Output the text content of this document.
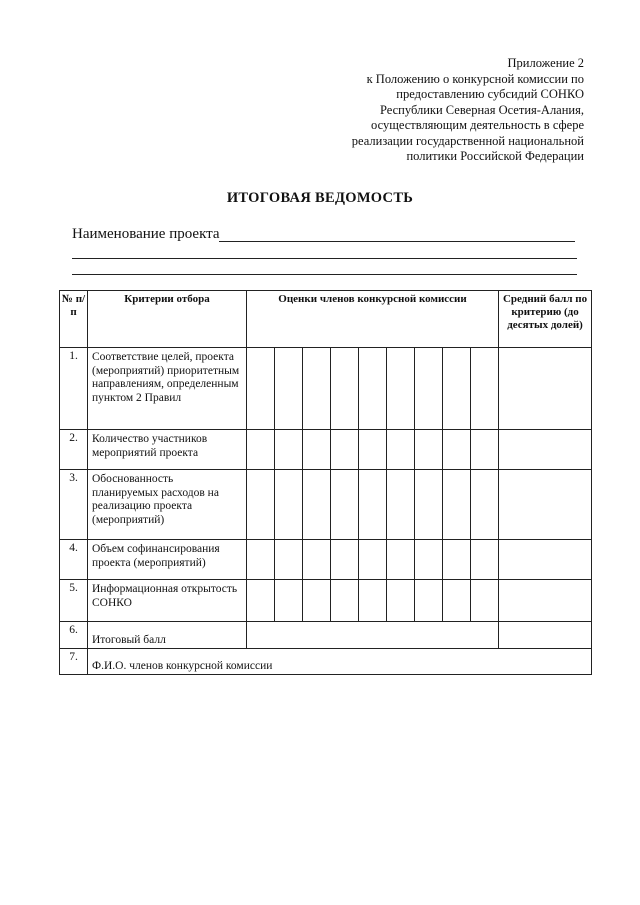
Приложение 2
к Положению о конкурсной комиссии по
предоставлению субсидий СОНКО
Республики Северная Осетия-Алания,
осуществляющим деятельность в сфере
реализации государственной национальной
политики Российской Федерации
ИТОГОВАЯ ВЕДОМОСТЬ
Наименование проекта
№ п/п	Критерии отбора	Оценки членов конкурсной комиссии									Средний балл по критерию (до десятых долей)
1.	Соответствие целей, проекта (мероприятий) приоритетным направлениям, определенным пунктом 2 Правил										
2.	Количество участников мероприятий проекта										
3.	Обоснованность планируемых расходов на реализацию проекта (мероприятий)										
4.	Объем софинансирования проекта (мероприятий)										
5.	Информационная открытость СОНКО										
6.	Итоговый балл										
7.	Ф.И.О. членов конкурсной комиссии										
